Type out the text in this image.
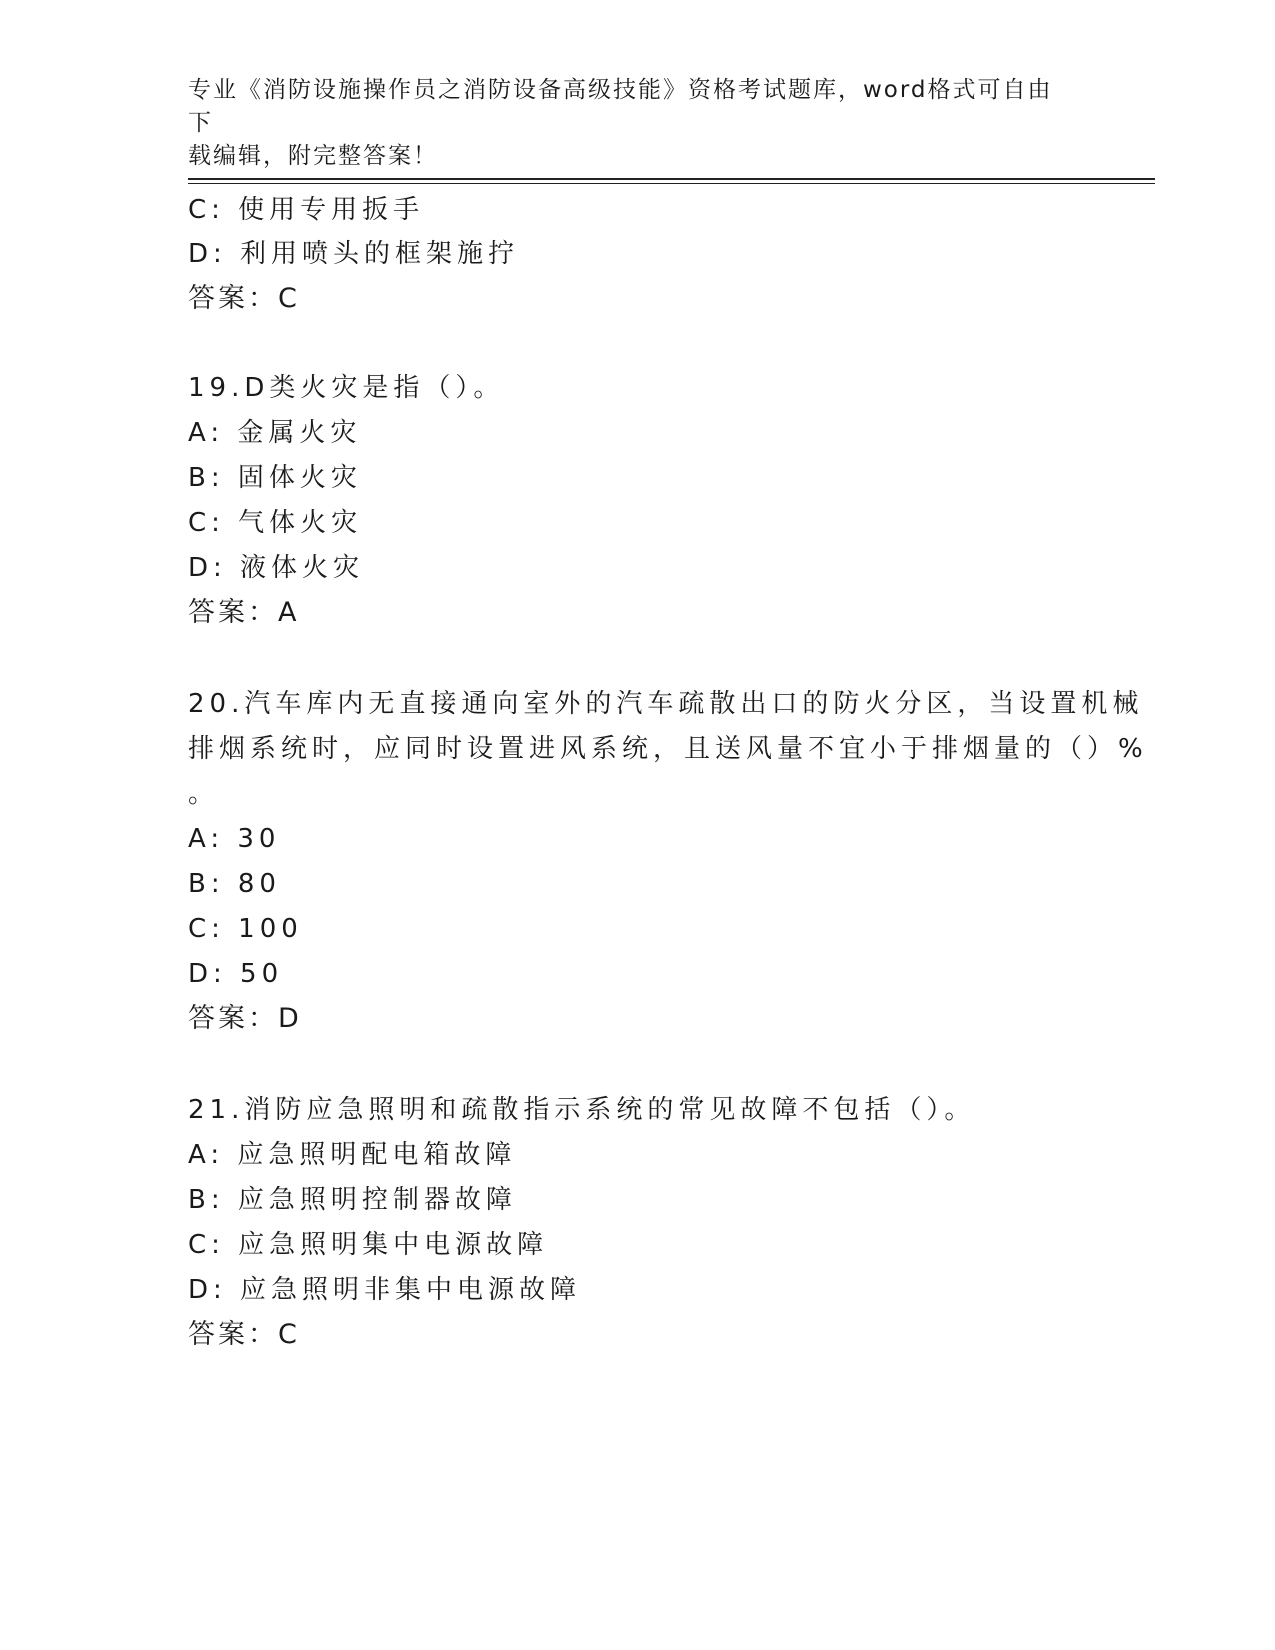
专业《消防设施操作员之消防设备高级技能》资格考试题库，word格式可自由下
载编辑，附完整答案！
C: 使用专用扳手
D: 利用喷头的框架施拧
答案：C
19.D类火灾是指（）。
A: 金属火灾
B: 固体火灾
C: 气体火灾
D: 液体火灾
答案：A
20.汽车库内无直接通向室外的汽车疏散出口的防火分区，当设置机械
排烟系统时，应同时设置进风系统，且送风量不宜小于排烟量的（）%
。
A: 30
B: 80
C: 100
D: 50
答案：D
21.消防应急照明和疏散指示系统的常见故障不包括（）。
A: 应急照明配电箱故障
B: 应急照明控制器故障
C: 应急照明集中电源故障
D: 应急照明非集中电源故障
答案：C
